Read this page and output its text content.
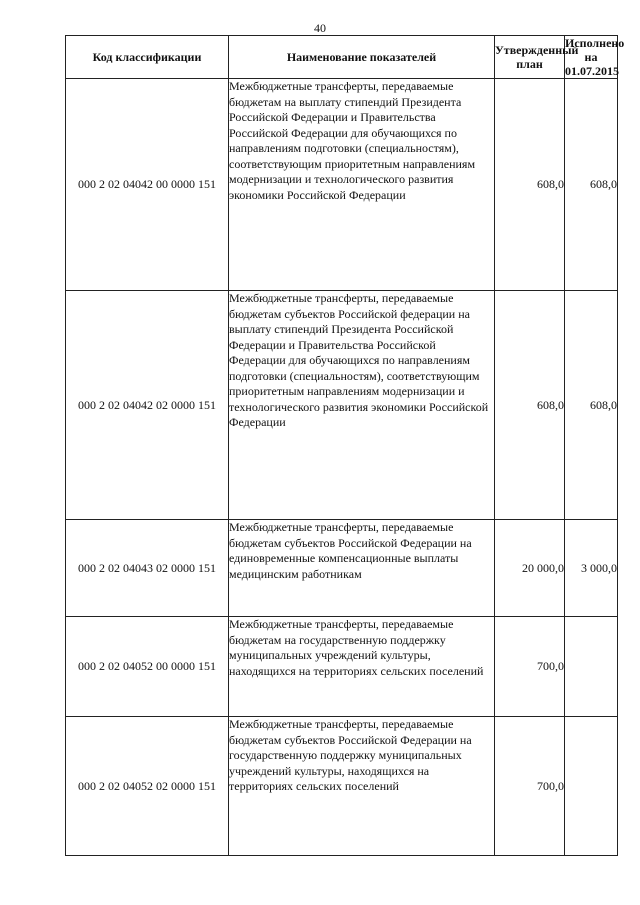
40
Код классификации	Наименование показателей	Утвержденный план	Исполнено на 01.07.2015
000 2 02 04042 00 0000 151	Межбюджетные трансферты, передаваемые бюджетам на выплату стипендий Президента Российской Федерации и Правительства Российской Федерации для обучающихся по направлениям подготовки (специальностям), соответствующим приоритетным направлениям модернизации и технологического развития экономики Российской Федерации	608,0	608,0
000 2 02 04042 02 0000 151	Межбюджетные трансферты, передаваемые бюджетам субъектов Российской федерации на выплату стипендий Президента Российской Федерации и Правительства Российской Федерации для обучающихся по направлениям подготовки (специальностям), соответствующим приоритетным направлениям модернизации и технологического развития экономики Российской Федерации	608,0	608,0
000 2 02 04043 02 0000 151	Межбюджетные трансферты, передаваемые бюджетам субъектов Российской Федерации на единовременные компенсационные выплаты медицинским работникам	20 000,0	3 000,0
000 2 02 04052 00 0000 151	Межбюджетные трансферты, передаваемые бюджетам на государственную поддержку муниципальных учреждений культуры, находящихся на территориях сельских поселений	700,0	
000 2 02 04052 02 0000 151	Межбюджетные трансферты, передаваемые бюджетам субъектов Российской Федерации на государственную поддержку муниципальных учреждений культуры, находящихся на территориях сельских поселений	700,0	
